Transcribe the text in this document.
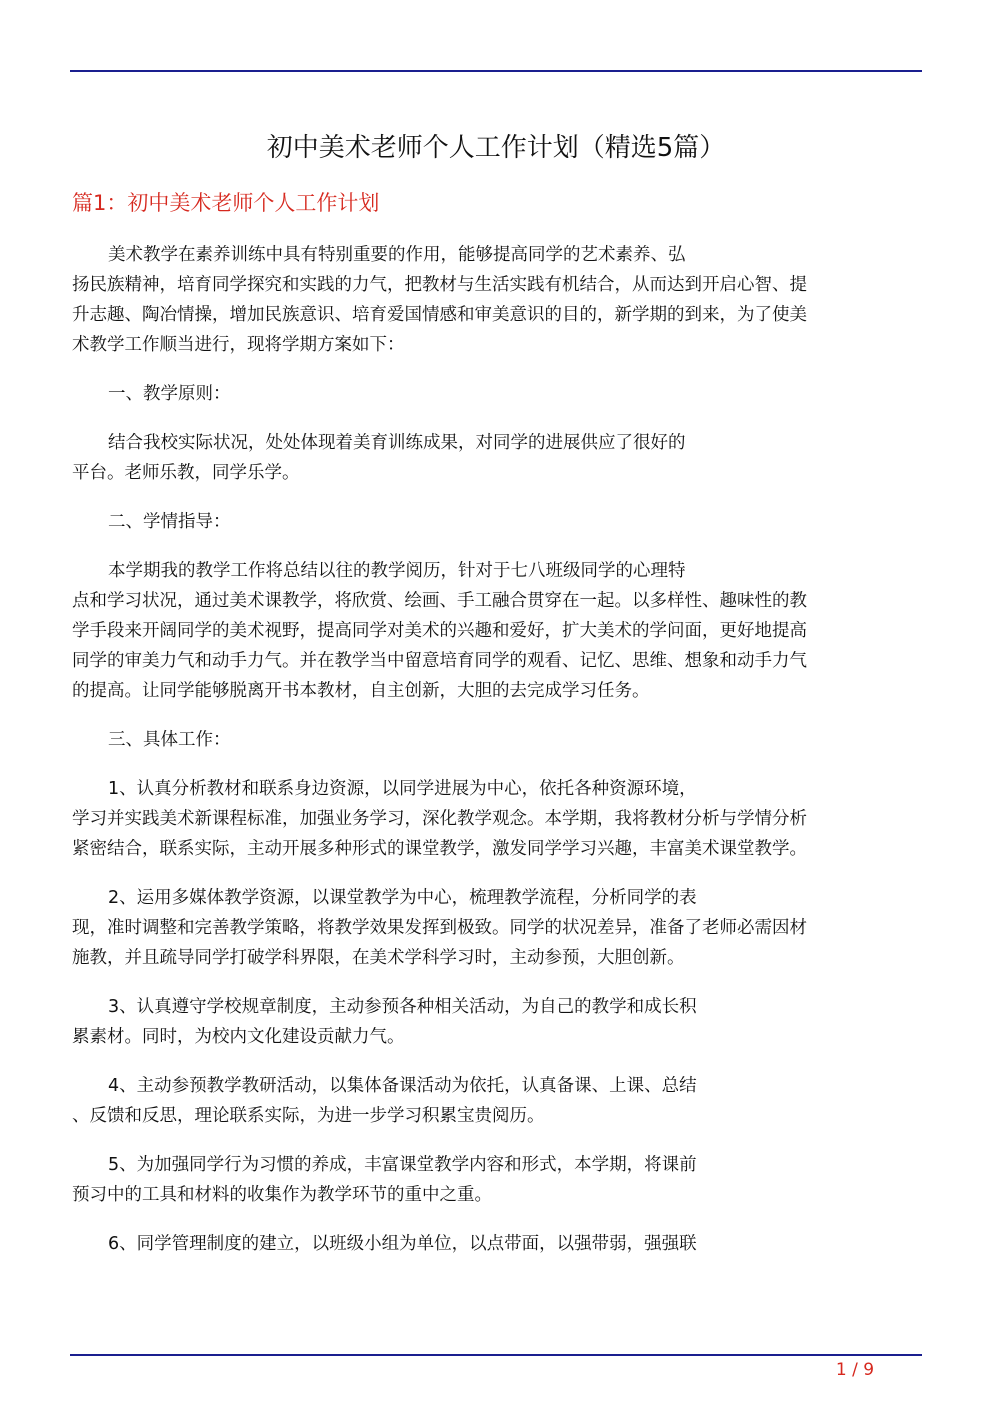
初中美术老师个人工作计划（精选5篇）
篇1：初中美术老师个人工作计划
美术教学在素养训练中具有特别重要的作用，能够提高同学的艺术素养、弘
扬民族精神，培育同学探究和实践的力气，把教材与生活实践有机结合，从而达到开启心智、提
升志趣、陶冶情操，增加民族意识、培育爱国情感和审美意识的目的，新学期的到来，为了使美
术教学工作顺当进行，现将学期方案如下：
一、教学原则：
结合我校实际状况，处处体现着美育训练成果，对同学的进展供应了很好的
平台。老师乐教，同学乐学。
二、学情指导：
本学期我的教学工作将总结以往的教学阅历，针对于七八班级同学的心理特
点和学习状况，通过美术课教学，将欣赏、绘画、手工融合贯穿在一起。以多样性、趣味性的教
学手段来开阔同学的美术视野，提高同学对美术的兴趣和爱好，扩大美术的学问面，更好地提高
同学的审美力气和动手力气。并在教学当中留意培育同学的观看、记忆、思维、想象和动手力气
的提高。让同学能够脱离开书本教材，自主创新，大胆的去完成学习任务。
三、具体工作：
1、认真分析教材和联系身边资源，以同学进展为中心，依托各种资源环境，
学习并实践美术新课程标准，加强业务学习，深化教学观念。本学期，我将教材分析与学情分析
紧密结合，联系实际，主动开展多种形式的课堂教学，激发同学学习兴趣，丰富美术课堂教学。
2、运用多媒体教学资源，以课堂教学为中心，梳理教学流程，分析同学的表
现，准时调整和完善教学策略，将教学效果发挥到极致。同学的状况差异，准备了老师必需因材
施教，并且疏导同学打破学科界限，在美术学科学习时，主动参预，大胆创新。
3、认真遵守学校规章制度，主动参预各种相关活动，为自己的教学和成长积
累素材。同时，为校内文化建设贡献力气。
4、主动参预教学教研活动，以集体备课活动为依托，认真备课、上课、总结
、反馈和反思，理论联系实际，为进一步学习积累宝贵阅历。
5、为加强同学行为习惯的养成，丰富课堂教学内容和形式，本学期，将课前
预习中的工具和材料的收集作为教学环节的重中之重。
6、同学管理制度的建立，以班级小组为单位，以点带面，以强带弱，强强联
1 / 9
